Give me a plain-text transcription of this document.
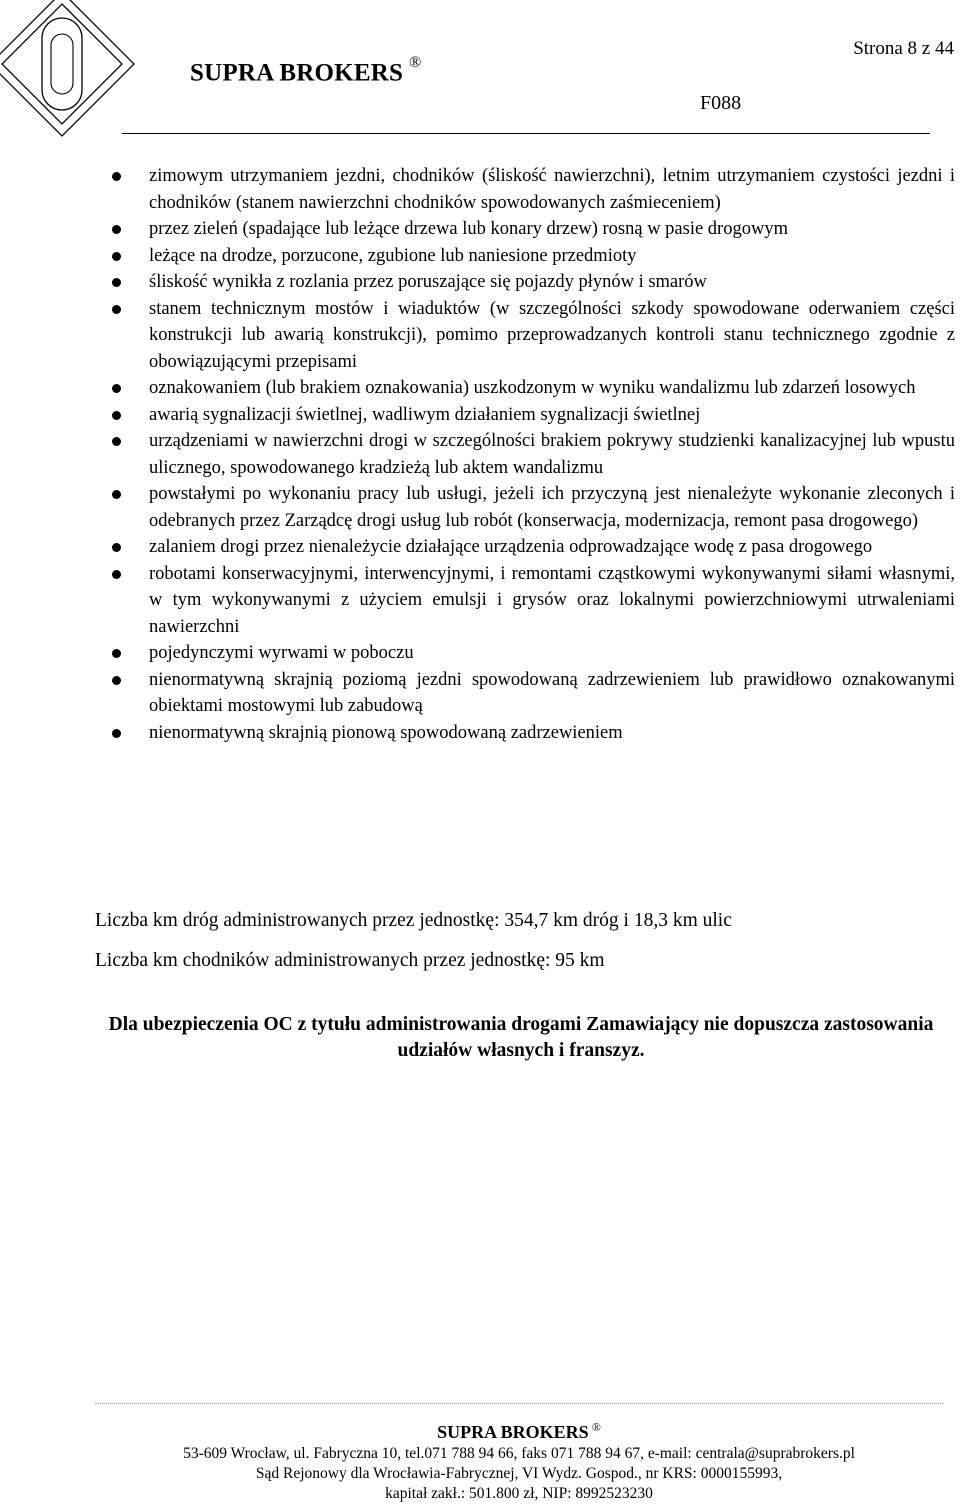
Strona 8 z 44
SUPRA BROKERS ®
F088
zimowym utrzymaniem jezdni, chodników (śliskość nawierzchni), letnim utrzymaniem czystości jezdni i chodników (stanem nawierzchni chodników spowodowanych zaśmieceniem)
przez zieleń (spadające lub leżące drzewa lub konary drzew) rosną w pasie drogowym
leżące na drodze, porzucone, zgubione lub naniesione przedmioty
śliskość wynikła z rozlania przez poruszające się pojazdy płynów i smarów
stanem technicznym mostów i wiaduktów (w szczególności szkody spowodowane oderwaniem części konstrukcji lub awarią konstrukcji), pomimo przeprowadzanych kontroli stanu technicznego zgodnie z obowiązującymi przepisami
oznakowaniem (lub brakiem oznakowania) uszkodzonym w wyniku wandalizmu lub zdarzeń losowych
awarią sygnalizacji świetlnej, wadliwym działaniem sygnalizacji świetlnej
urządzeniami w nawierzchni drogi w szczególności brakiem pokrywy studzienki kanalizacyjnej lub wpustu ulicznego, spowodowanego kradzieżą lub aktem wandalizmu
powstałymi po wykonaniu pracy lub usługi, jeżeli ich przyczyną jest nienależyte wykonanie zleconych i odebranych przez Zarządcę drogi usług lub robót (konserwacja, modernizacja, remont pasa drogowego)
zalaniem drogi przez nienależycie działające urządzenia odprowadzające wodę z pasa drogowego
robotami konserwacyjnymi, interwencyjnymi, i remontami cząstkowymi wykonywanymi siłami własnymi, w tym wykonywanymi z użyciem emulsji i grysów oraz lokalnymi powierzchniowymi utrwaleniami nawierzchni
pojedynczymi wyrwami w poboczu
nienormatywną skrajnią poziomą jezdni spowodowaną zadrzewieniem lub prawidłowo oznakowanymi obiektami mostowymi lub zabudową
nienormatywną skrajnią pionową spowodowaną zadrzewieniem
Liczba km dróg administrowanych przez jednostkę: 354,7 km dróg i 18,3 km ulic
Liczba km chodników administrowanych przez jednostkę: 95 km
Dla ubezpieczenia OC z tytułu administrowania drogami Zamawiający nie dopuszcza zastosowania udziałów własnych i franszyz.
SUPRA BROKERS ®
53-609 Wrocław, ul. Fabryczna 10, tel.071 788 94 66, faks 071 788 94 67, e-mail: centrala@suprabrokers.pl
Sąd Rejonowy dla Wrocławia-Fabrycznej, VI Wydz. Gospod., nr KRS: 0000155993,
kapitał zakł.: 501.800 zł, NIP: 8992523230
